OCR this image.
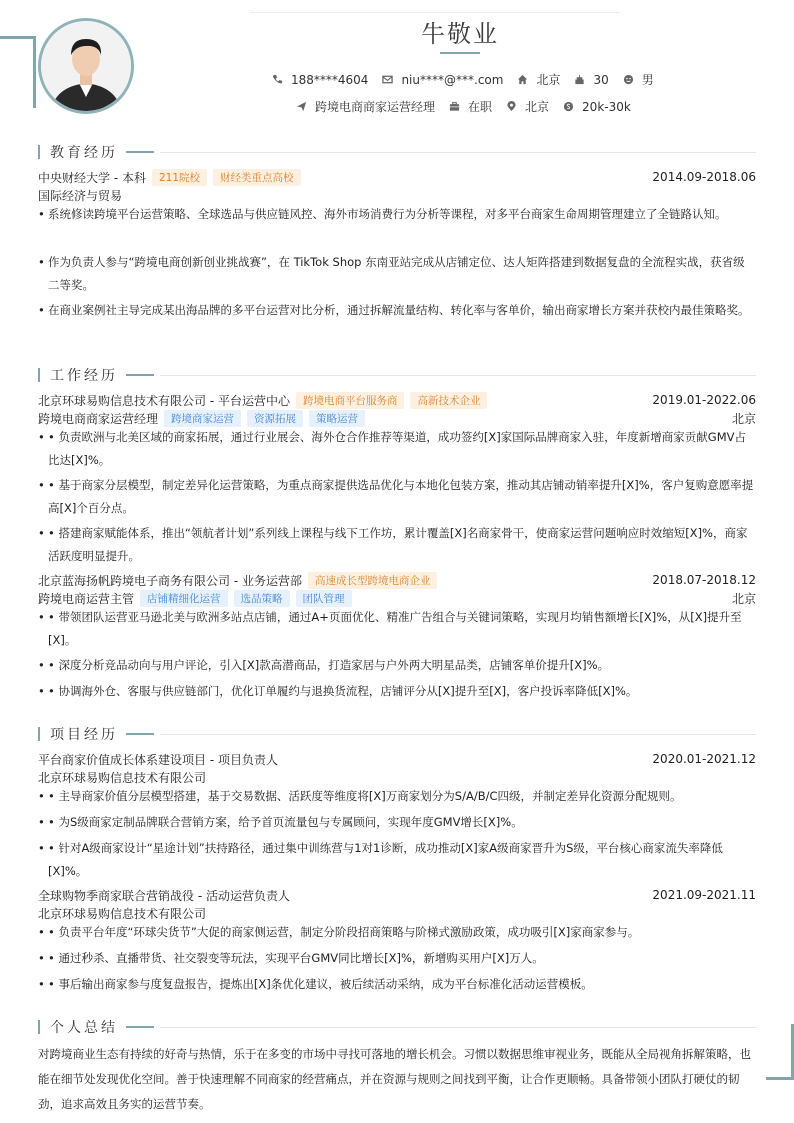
牛敬业
188****4604	niu****@***.com	北京	30	男
跨境电商商家运营经理	在职	北京	20k-30k
教育经历
中央财经大学 - 本科	211院校	财经类重点高校	2014.09-2018.06
国际经济与贸易
• 系统修读跨境平台运营策略、全球选品与供应链风控、海外市场消费行为分析等课程，对多平台商家生命周期管理建立了全链路认知。
• 作为负责人参与“跨境电商创新创业挑战赛”，在 TikTok Shop 东南亚站完成从店铺定位、达人矩阵搭建到数据复盘的全流程实战，获省级二等奖。
• 在商业案例社主导完成某出海品牌的多平台运营对比分析，通过拆解流量结构、转化率与客单价，输出商家增长方案并获校内最佳策略奖。
工作经历
北京环球易购信息技术有限公司 - 平台运营中心	跨境电商平台服务商	高新技术企业	2019.01-2022.06
跨境电商商家运营经理	跨境商家运营	资源拓展	策略运营	北京
• • 负责欧洲与北美区域的商家拓展，通过行业展会、海外仓合作推荐等渠道，成功签约[X]家国际品牌商家入驻，年度新增商家贡献GMV占比达[X]%。
• • 基于商家分层模型，制定差异化运营策略，为重点商家提供选品优化与本地化包装方案，推动其店铺动销率提升[X]%，客户复购意愿率提高[X]个百分点。
• • 搭建商家赋能体系，推出“领航者计划”系列线上课程与线下工作坊，累计覆盖[X]名商家骨干，使商家运营问题响应时效缩短[X]%，商家活跃度明显提升。
北京蓝海扬帆跨境电子商务有限公司 - 业务运营部	高速成长型跨境电商企业	2018.07-2018.12
跨境电商运营主管	店铺精细化运营	选品策略	团队管理	北京
• • 带领团队运营亚马逊北美与欧洲多站点店铺，通过A+页面优化、精准广告组合与关键词策略，实现月均销售额增长[X]%，从[X]提升至[X]。
• • 深度分析竞品动向与用户评论，引入[X]款高潜商品，打造家居与户外两大明星品类，店铺客单价提升[X]%。
• • 协调海外仓、客服与供应链部门，优化订单履约与退换货流程，店铺评分从[X]提升至[X]，客户投诉率降低[X]%。
项目经历
平台商家价值成长体系建设项目 - 项目负责人	2020.01-2021.12
北京环球易购信息技术有限公司
• • 主导商家价值分层模型搭建，基于交易数据、活跃度等维度将[X]万商家划分为S/A/B/C四级，并制定差异化资源分配规则。
• • 为S级商家定制品牌联合营销方案，给予首页流量包与专属顾问，实现年度GMV增长[X]%。
• • 针对A级商家设计“星途计划”扶持路径，通过集中训练营与1对1诊断，成功推动[X]家A级商家晋升为S级，平台核心商家流失率降低[X]%。
全球购物季商家联合营销战役 - 活动运营负责人	2021.09-2021.11
北京环球易购信息技术有限公司
• • 负责平台年度“环球尖货节”大促的商家侧运营，制定分阶段招商策略与阶梯式激励政策，成功吸引[X]家商家参与。
• • 通过秒杀、直播带货、社交裂变等玩法，实现平台GMV同比增长[X]%，新增购买用户[X]万人。
• • 事后输出商家参与度复盘报告，提炼出[X]条优化建议，被后续活动采纳，成为平台标准化活动运营模板。
个人总结
对跨境商业生态有持续的好奇与热情，乐于在多变的市场中寻找可落地的增长机会。习惯以数据思维审视业务，既能从全局视角拆解策略，也能在细节处发现优化空间。善于快速理解不同商家的经营痛点，并在资源与规则之间找到平衡，让合作更顺畅。具备带领小团队打硬仗的韧劲，追求高效且务实的运营节奏。
